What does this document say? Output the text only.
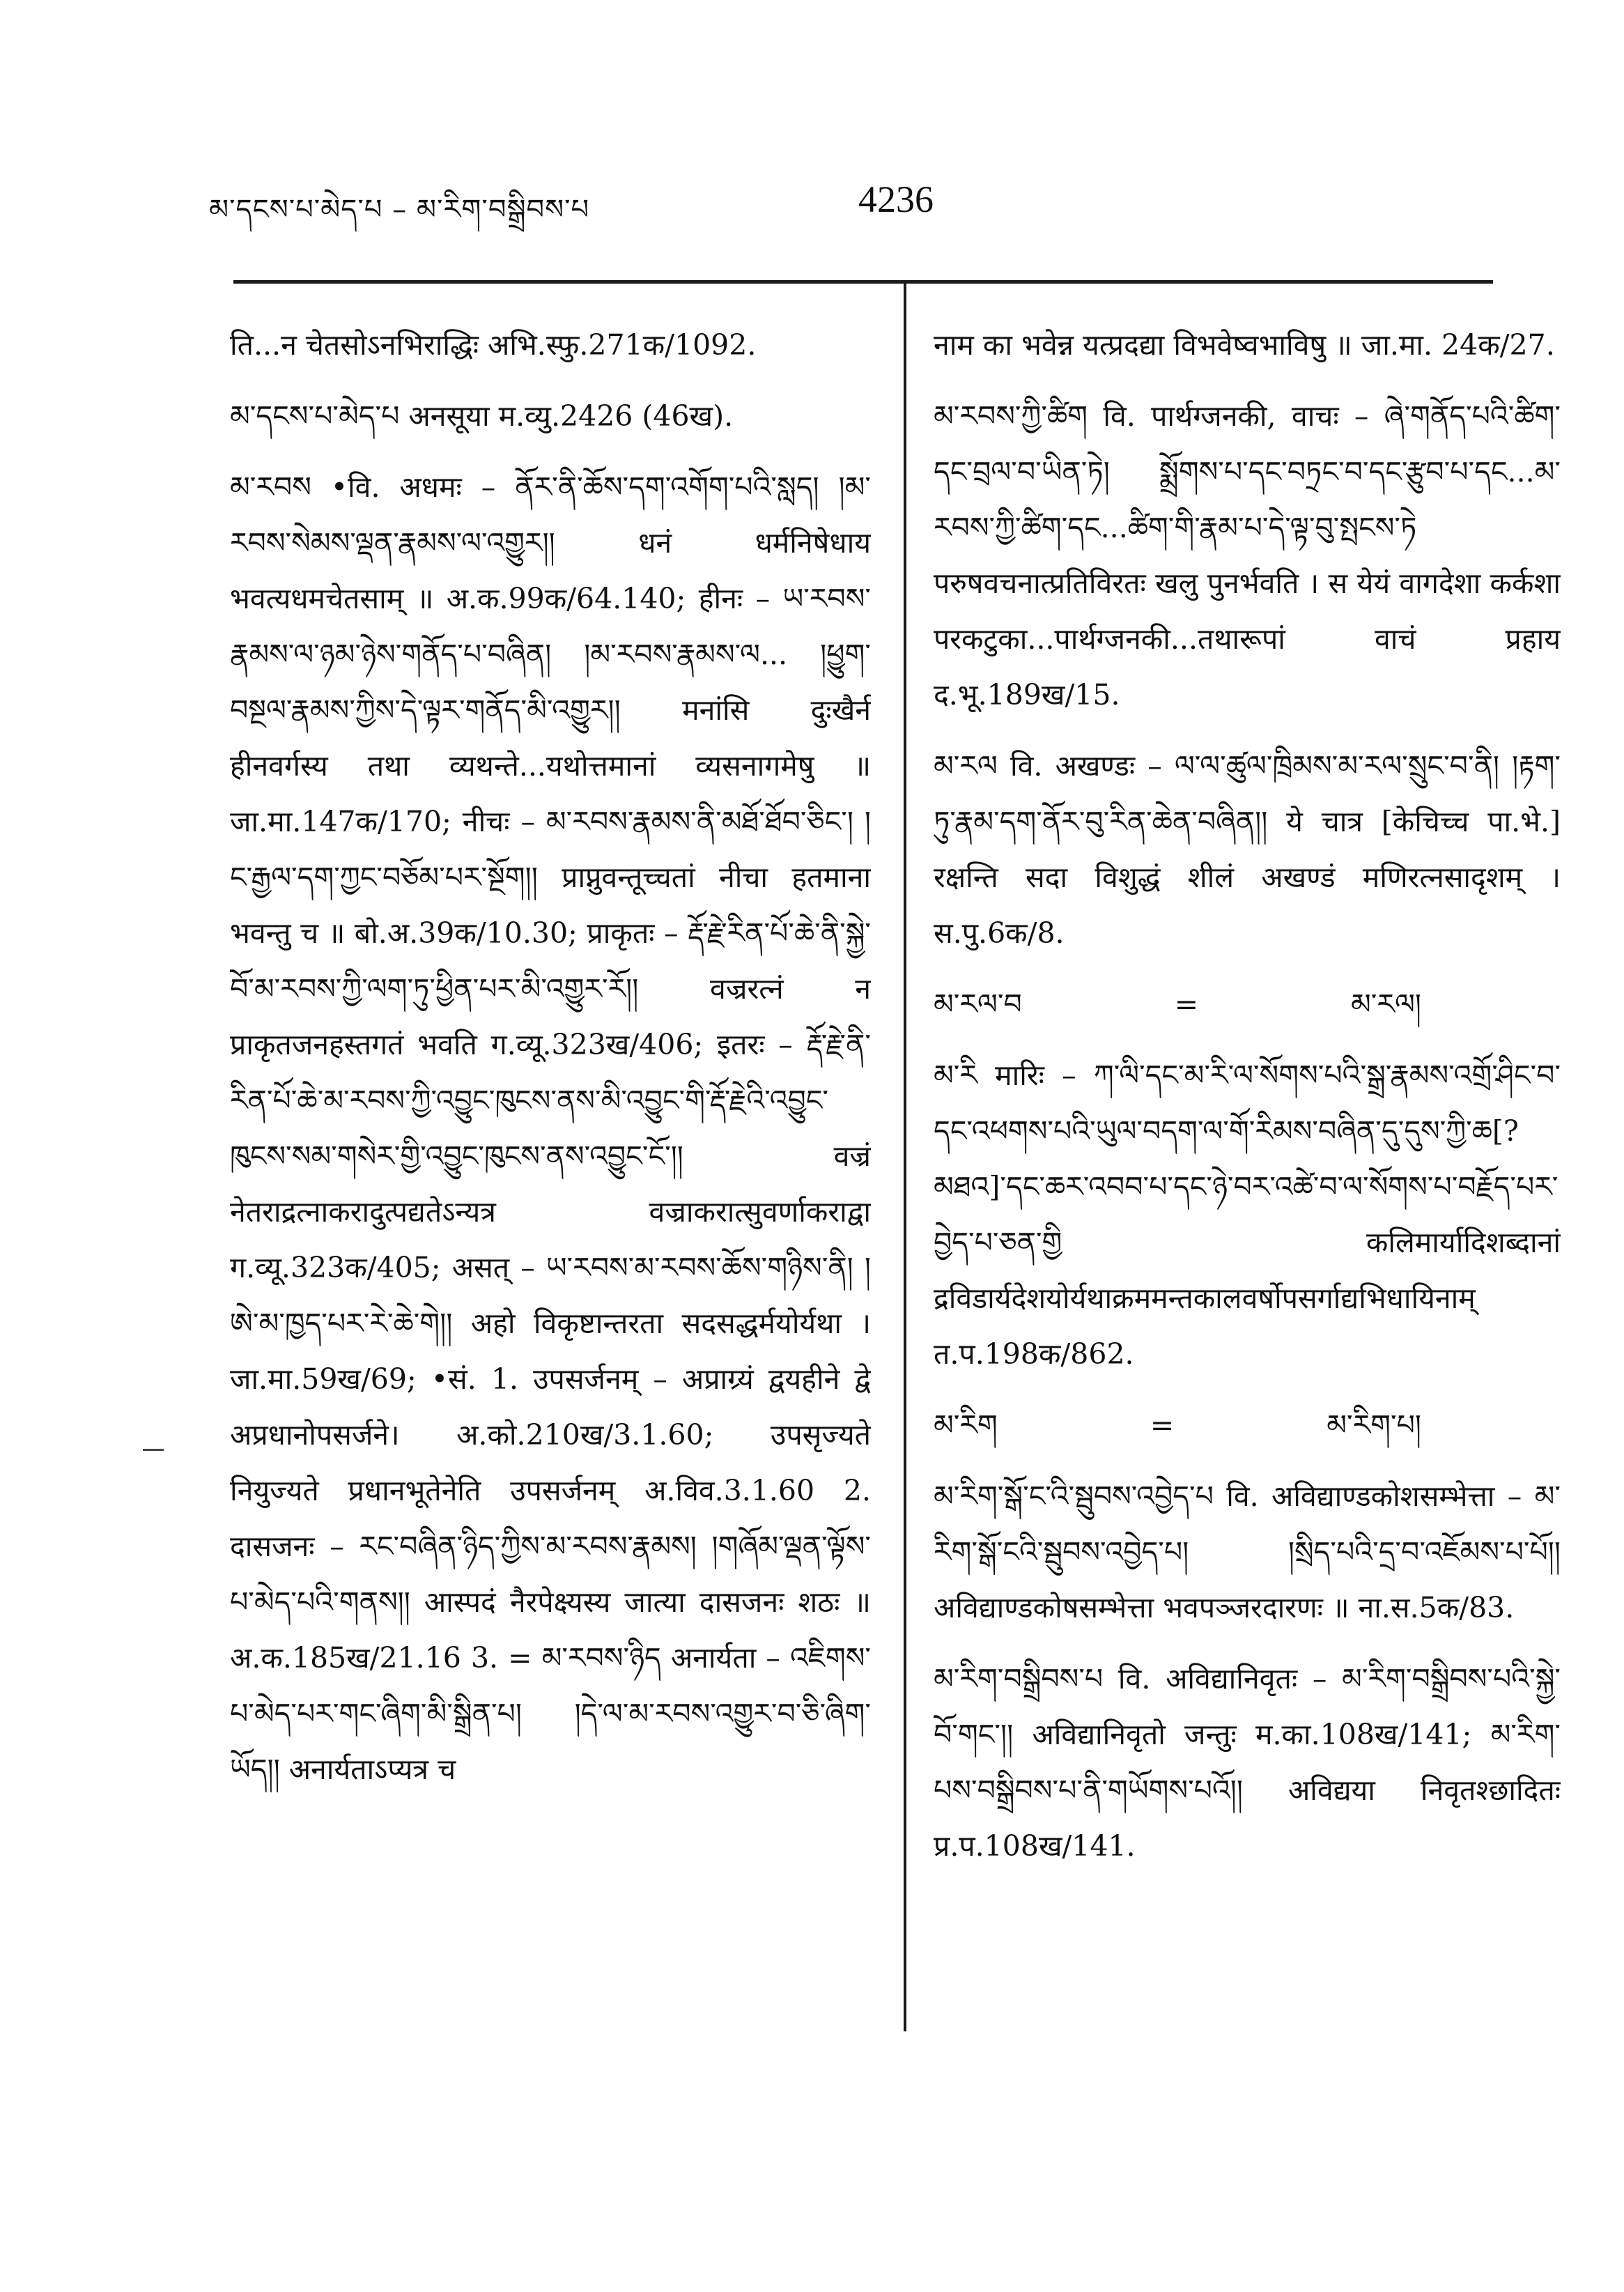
མ་དངས་པ་མེད་པ – མ་རིག་བསྒྲིབས་པ	4236

ति...न चेतसोऽनभिराद्धिः अभि.स्फु.271क/1092.

མ་དངས་པ་མེད་པ अनसूया म.व्यु.2426 (46ख).

མ་རབས •वि. अधमः – ནོར་ནི་ཆོས་དག་འགོག་པའི་སླད། །མ་རབས་སེམས་ལྡན་རྣམས་ལ་འགྱུར།། धनं धर्मनिषेधाय भवत्यधमचेतसाम् ॥ अ.क.99क/64.140; हीनः – ཡ་རབས་རྣམས་ལ་ཉམ་ཉེས་གནོད་པ་བཞིན། །མ་རབས་རྣམས་ལ... །ཕྱུག་བསྔལ་རྣམས་ཀྱིས་དེ་ལྟར་གནོད་མི་འགྱུར།། मनांसि दुःखैर्न हीनवर्गस्य तथा व्यथन्ते...यथोत्तमानां व्यसनागमेषु ॥ जा.मा.147क/170; नीचः – མ་རབས་རྣམས་ནི་མཐོ་ཐོབ་ཅིང་། །ང་རྒྱལ་དག་ཀྱང་བཅོམ་པར་སྔོག།། प्राप्नुवन्तूच्चतां नीचा हतमाना भवन्तु च ॥ बो.अ.39क/10.30; प्राकृतः – རྡོ་རྗེ་རིན་པོ་ཆེ་ནི་སྐྱེ་བོ་མ་རབས་ཀྱི་ལག་ཏུ་ཕྱིན་པར་མི་འགྱུར་རོ།། वज्ररत्नं न प्राकृतजनहस्तगतं भवति ग.व्यू.323ख/406; इतरः – རྡོ་རྗེ་ནི་རིན་པོ་ཆེ་མ་རབས་ཀྱི་འབྱུང་ཁུངས་ནས་མི་འབྱུང་གི་རྡོ་རྗེའི་འབྱུང་ཁུངས་སམ་གསེར་གྱི་འབྱུང་ཁུངས་ནས་འབྱུང་ངོ་།། वज्रं नेतराद्रत्नाकरादुत्पद्यतेऽन्यत्र वज्राकरात्सुवर्णाकराद्वा ग.व्यू.323क/405; असत् – ཡ་རབས་མ་རབས་ཆོས་གཉིས་ནི། །ཨེ་མ་ཁྱད་པར་རེ་ཆེ་གེ།། अहो विकृष्टान्तरता सदसद्धर्मयोर्यथा । जा.मा.59ख/69; •सं. 1. उपसर्जनम् – अप्राग्र्यं द्वयहीने द्वे अप्रधानोपसर्जने। अ.को.210ख/3.1.60; उपसृज्यते नियुज्यते प्रधानभूतेनेति उपसर्जनम् अ.विव.3.1.60 2. दासजनः – རང་བཞིན་ཉིད་ཀྱིས་མ་རབས་རྣམས། །གཞོམ་ལྡན་ལྟོས་པ་མེད་པའི་གནས།། आस्पदं नैरपेक्ष्यस्य जात्या दासजनः शठः ॥ अ.क.185ख/21.16 3. = མ་རབས་ཉིད अनार्यता – འཇིགས་པ་མེད་པར་གང་ཞིག་མི་སྒྲིན་པ། །དེ་ལ་མ་རབས་འགྱུར་བ་ཅི་ཞིག་ཡོད།། अनार्यताऽप्यत्र च

नाम का भवेन्न यत्प्रदद्या विभवेष्वभाविषु ॥ जा.मा. 24क/27.

མ་རབས་ཀྱི་ཚིག वि. पार्थग्जनकी, वाचः – ཞེ་གནོད་པའི་ཚིག་དང་བྲལ་བ་ཡིན་ཏེ། སྨྲོགས་པ་དང་བཏྲང་བ་དང་རྩུབ་པ་དང...མ་རབས་ཀྱི་ཚིག་དང...ཚིག་གི་རྣམ་པ་དེ་ལྟ་བུ་སྤངས་ཏེ परुषवचनात्प्रतिविरतः खलु पुनर्भवति । स येयं वागदेशा कर्कशा परकटुका...पार्थग्जनकी...तथारूपां वाचं प्रहाय द.भू.189ख/15.

མ་རལ वि. अखण्डः – ལ་ལ་ཚུལ་ཁྲིམས་མ་རལ་སྲུང་བ་ནི། །རྟག་ཏུ་རྣམ་དག་ནོར་བུ་རིན་ཆེན་བཞིན།། ये चात्र [केचिच्च पा.भे.] रक्षन्ति सदा विशुद्धं शीलं अखण्डं मणिरत्नसादृशम् । स.पु.6क/8.

མ་རལ་བ	=	མ་རལ།

མ་རི मारिः – ཀ་ལི་དང་མ་རི་ལ་སོགས་པའི་སྒྲ་རྣམས་འགྲོ་ཤིང་བ་དང་འཕགས་པའི་ཡུལ་བདག་ལ་གོ་རིམས་བཞིན་དུ་དུས་ཀྱི་ཆ[?མཐའ]་དང་ཆར་འབབ་པ་དང་ཉེ་བར་འཚེ་བ་ལ་སོགས་པ་བརྗོད་པར་བྱེད་པ་ཅན་གྱི कलिमार्यादिशब्दानां द्रविडार्यदेशयोर्यथाक्रममन्तकालवर्षोपसर्गाद्यभिधायिनाम् त.प.198क/862.

མ་རིག	=	མ་རིག་པ།

མ་རིག་སྒོ་ང་འི་སྦུབས་འབྱེད་པ वि. अविद्याण्डकोशसम्भेत्ता – མ་རིག་སྒོ་ངའི་སྦུབས་འབྱེད་པ། །སྲིད་པའི་དྲ་བ་འཇོམས་པ་པོ།། अविद्याण्डकोषसम्भेत्ता भवपञ्जरदारणः ॥ ना.स.5क/83.

མ་རིག་བསྒྲིབས་པ वि. अविद्यानिवृतः – མ་རིག་བསྒྲིབས་པའི་སྐྱེ་བོ་གང་།། अविद्यानिवृतो जन्तुः म.का.108ख/141; མ་རིག་པས་བསྒྲིབས་པ་ནི་གཡོགས་པའོ།། अविद्यया निवृतश्छादितः प्र.प.108ख/141.
